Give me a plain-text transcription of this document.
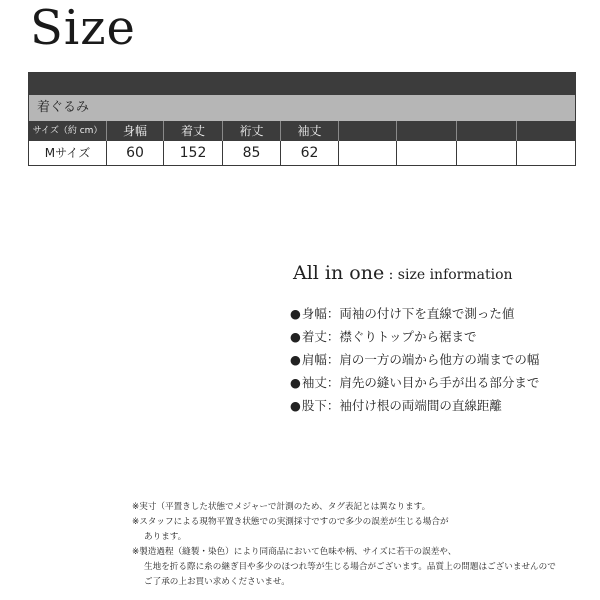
Size
着ぐるみ
サイズ（約 cm）	身幅	着丈	裄丈	袖丈
Mサイズ	60	152	85	62
All in one : size information
●身幅：両袖の付け下を直線で測った値
●着丈：襟ぐりトップから裾まで
●肩幅：肩の一方の端から他方の端までの幅
●袖丈：肩先の縫い目から手が出る部分まで
●股下：袖付け根の両端間の直線距離
※実寸（平置きした状態でメジャーで計測のため、タグ表記とは異なります。
※スタッフによる現物平置き状態での実測採寸ですので多少の誤差が生じる場合が
あります。
※製造過程（縫製・染色）により同商品において色味や柄、サイズに若干の誤差や、
生地を折る際に糸の継ぎ目や多少のほつれ等が生じる場合がございます。品質上の問題はございませんのでご了承の上お買い求めくださいませ。
